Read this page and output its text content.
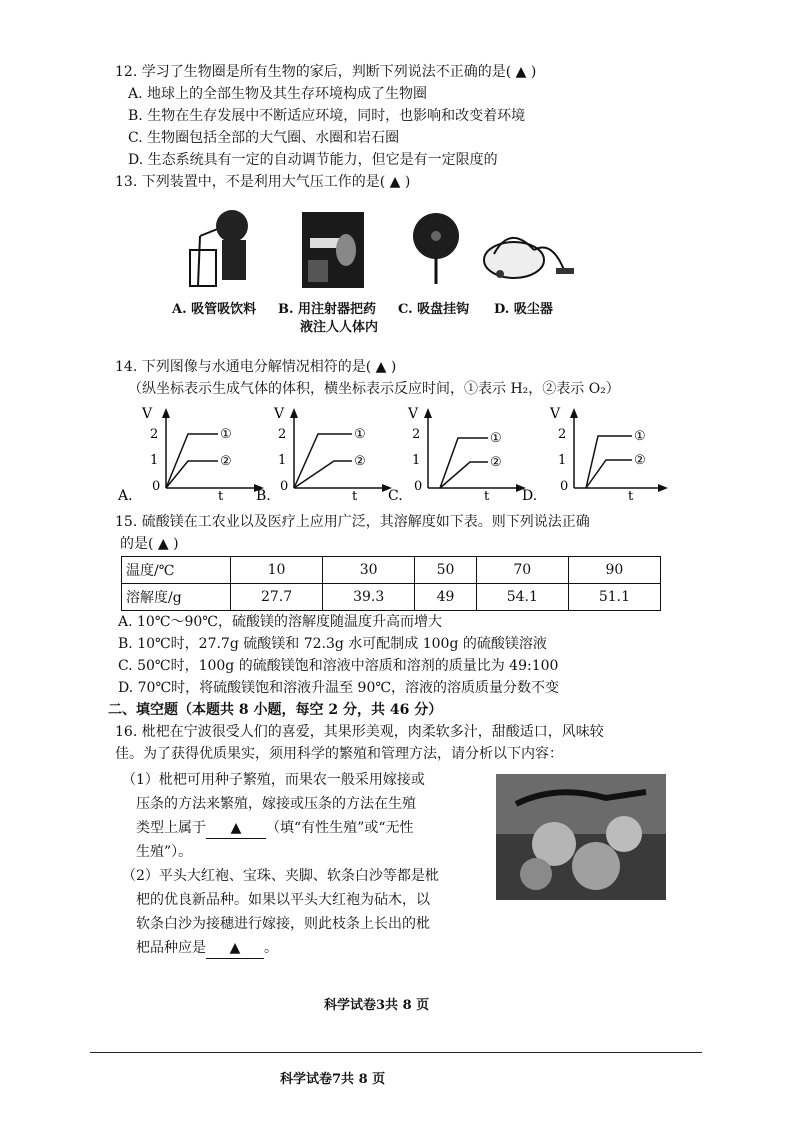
12. 学习了生物圈是所有生物的家后，判断下列说法不正确的是( ▲ )
A. 地球上的全部生物及其生存环境构成了生物圈
B. 生物在生存发展中不断适应环境，同时，也影响和改变着环境
C. 生物圈包括全部的大气圈、水圈和岩石圈
D. 生态系统具有一定的自动调节能力，但它是有一定限度的
13. 下列装置中，不是利用大气压工作的是( ▲ )
A. 吸管吸饮料 B. 用注射器把药
液注人人体内
C. 吸盘挂钩 D. 吸尘器
14. 下列图像与水通电分解情况相符的是( ▲ )
（纵坐标表示生成气体的体积，横坐标表示反应时间，①表示 H₂，②表示 O₂）
A.
V
t
2
1
0
①
②
B.
V
t
2
1
0
①
②
C.
V
t
2
1
0
①
②
D.
V
t
2
1
0
①
②
15. 硫酸镁在工农业以及医疗上应用广泛，其溶解度如下表。则下列说法正确
的是( ▲ )
温度/℃	10	30	50	70	90
溶解度/g	27.7	39.3	49	54.1	51.1
A. 10℃～90℃，硫酸镁的溶解度随温度升高而增大
B. 10℃时，27.7g 硫酸镁和 72.3g 水可配制成 100g 的硫酸镁溶液
C. 50℃时，100g 的硫酸镁饱和溶液中溶质和溶剂的质量比为 49:100
D. 70℃时，将硫酸镁饱和溶液升温至 90℃，溶液的溶质质量分数不变
二、填空题（本题共 8 小题，每空 2 分，共 46 分）
16. 枇杷在宁波很受人们的喜爱，其果形美观，肉柔软多汁，甜酸适口，风味较
佳。为了获得优质果实，须用科学的繁殖和管理方法，请分析以下内容：
（1）枇杷可用种子繁殖，而果农一般采用嫁接或
压条的方法来繁殖，嫁接或压条的方法在生殖
类型上属于 ▲ （填“有性生殖”或“无性
生殖”）。
（2）平头大红袍、宝珠、夹脚、软条白沙等都是枇
杷的优良新品种。如果以平头大红袍为砧木，以
软条白沙为接穗进行嫁接，则此枝条上长出的枇
杷品种应是 ▲ 。
科学试卷3共 8 页
科学试卷7共 8 页
